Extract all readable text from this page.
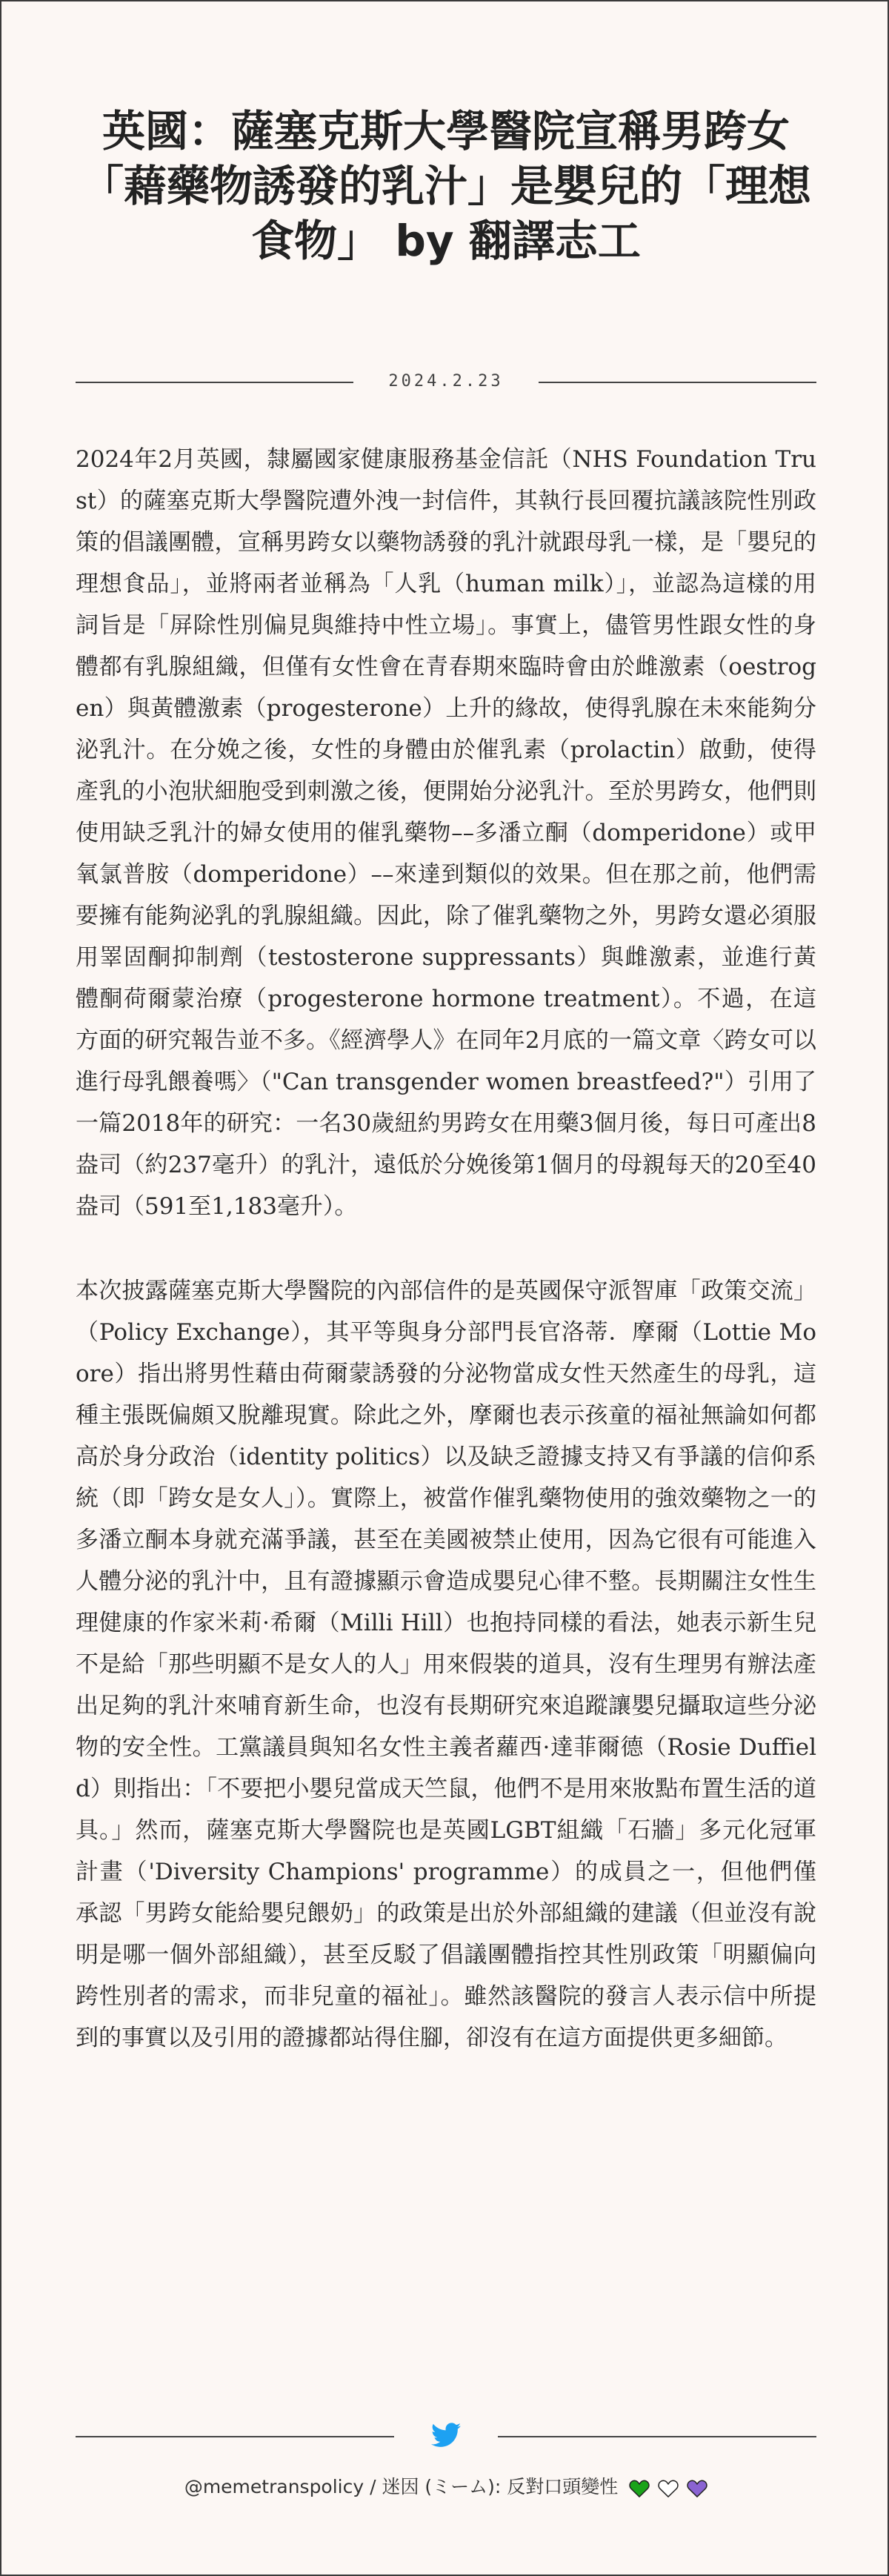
英國：薩塞克斯大學醫院宣稱男跨女「藉藥物誘發的乳汁」是嬰兒的「理想食物」 by 翻譯志工
2024.2.23

2024年2月英國，隸屬國家健康服務基金信託（NHS Foundation Trust）的薩塞克斯大學醫院遭外洩一封信件，其執行長回覆抗議該院性別政策的倡議團體，宣稱男跨女以藥物誘發的乳汁就跟母乳一樣，是「嬰兒的理想食品」，並將兩者並稱為「人乳（human milk）」，並認為這樣的用詞旨是「屏除性別偏見與維持中性立場」。事實上，儘管男性跟女性的身體都有乳腺組織，但僅有女性會在青春期來臨時會由於雌激素（oestrogen）與黃體激素（progesterone）上升的緣故，使得乳腺在未來能夠分泌乳汁。在分娩之後，女性的身體由於催乳素（prolactin）啟動，使得產乳的小泡狀細胞受到刺激之後，便開始分泌乳汁。至於男跨女，他們則使用缺乏乳汁的婦女使用的催乳藥物––多潘立酮（domperidone）或甲氧氯普胺（domperidone）––來達到類似的效果。但在那之前，他們需要擁有能夠泌乳的乳腺組織。因此，除了催乳藥物之外，男跨女還必須服用睪固酮抑制劑（testosterone suppressants）與雌激素，並進行黃體酮荷爾蒙治療（progesterone hormone treatment）。不過，在這方面的研究報告並不多。《經濟學人》在同年2月底的一篇文章〈跨女可以進行母乳餵養嗎〉（"Can transgender women breastfeed?"）引用了一篇2018年的研究：一名30歲紐約男跨女在用藥3個月後，每日可產出8盎司（約237毫升）的乳汁，遠低於分娩後第1個月的母親每天的20至40盎司（591至1,183毫升）。

本次披露薩塞克斯大學醫院的內部信件的是英國保守派智庫「政策交流」（Policy Exchange），其平等與身分部門長官洛蒂．摩爾（Lottie Moore）指出將男性藉由荷爾蒙誘發的分泌物當成女性天然產生的母乳，這種主張既偏頗又脫離現實。除此之外，摩爾也表示孩童的福祉無論如何都高於身分政治（identity politics）以及缺乏證據支持又有爭議的信仰系統（即「跨女是女人」）。實際上，被當作催乳藥物使用的強效藥物之一的多潘立酮本身就充滿爭議，甚至在美國被禁止使用，因為它很有可能進入人體分泌的乳汁中，且有證據顯示會造成嬰兒心律不整。長期關注女性生理健康的作家米莉·希爾（Milli Hill）也抱持同樣的看法，她表示新生兒不是給「那些明顯不是女人的人」用來假裝的道具，沒有生理男有辦法產出足夠的乳汁來哺育新生命，也沒有長期研究來追蹤讓嬰兒攝取這些分泌物的安全性。工黨議員與知名女性主義者蘿西·達菲爾德（Rosie Duffield）則指出：「不要把小嬰兒當成天竺鼠，他們不是用來妝點布置生活的道具。」然而，薩塞克斯大學醫院也是英國LGBT組織「石牆」多元化冠軍計畫（'Diversity Champions' programme）的成員之一，但他們僅承認「男跨女能給嬰兒餵奶」的政策是出於外部組織的建議（但並沒有說明是哪一個外部組織），甚至反駁了倡議團體指控其性別政策「明顯偏向跨性別者的需求，而非兒童的福祉」。雖然該醫院的發言人表示信中所提到的事實以及引用的證據都站得住腳，卻沒有在這方面提供更多細節。

@memetranspolicy / 迷因 (ミーム): 反對口頭變性
